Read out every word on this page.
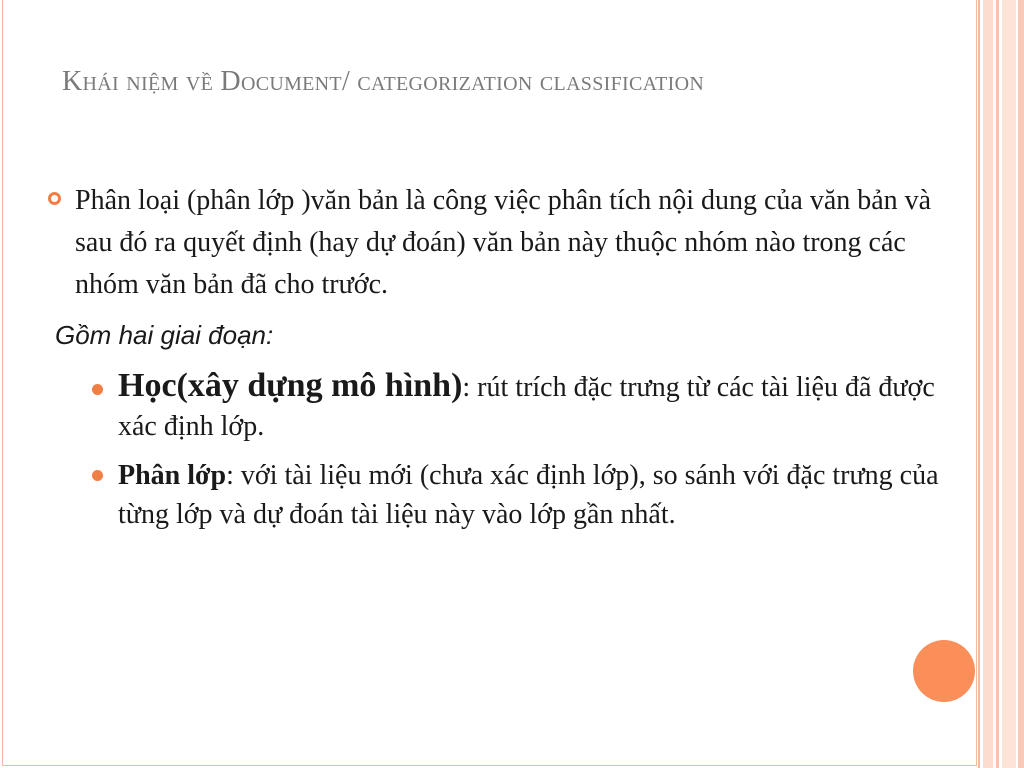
Khái niệm về Document/ categorization classification
Phân loại (phân lớp )văn bản là công việc phân tích nội dung của văn bản và sau đó ra quyết định (hay dự đoán) văn bản này thuộc nhóm nào trong các nhóm văn bản đã cho trước.
Gồm hai giai đoạn:
Học(xây dựng mô hình): rút trích đặc trưng từ các tài liệu đã được xác định lớp.
Phân lớp: với tài liệu mới (chưa xác định lớp), so sánh với đặc trưng của từng lớp và dự đoán tài liệu này vào lớp gần nhất.
